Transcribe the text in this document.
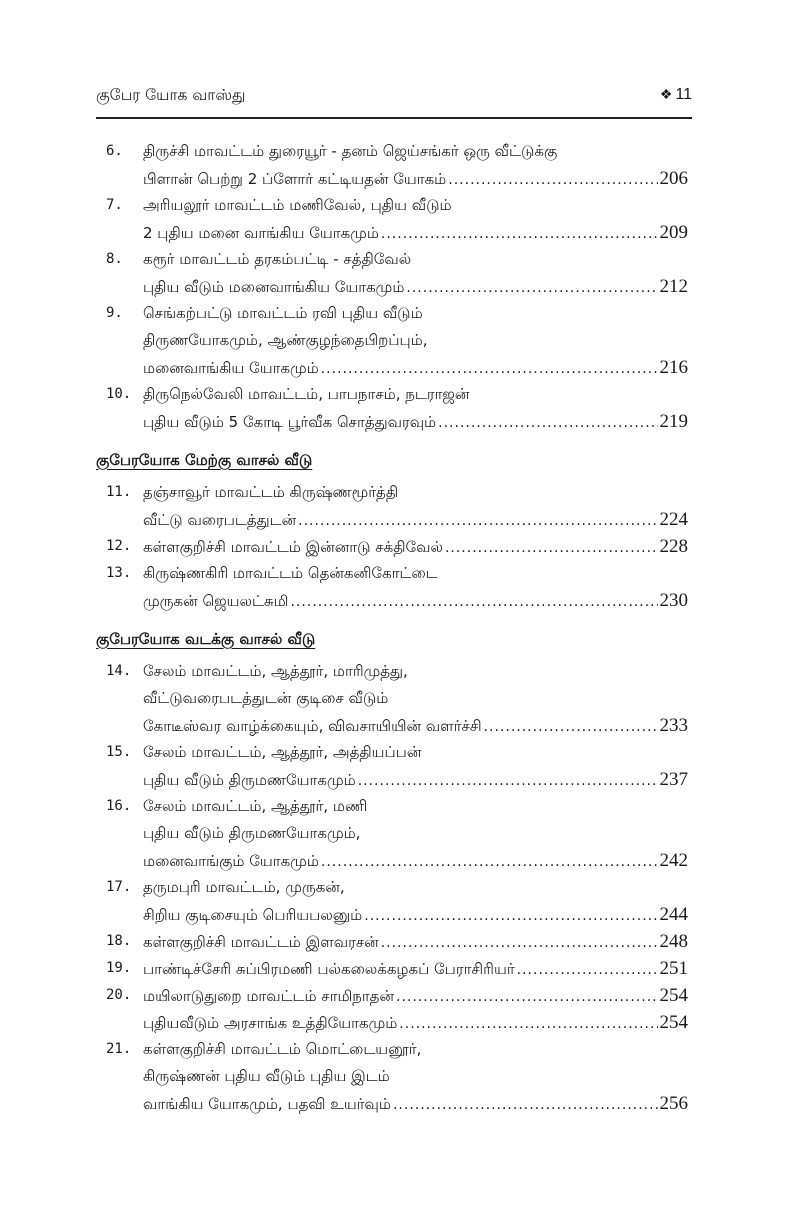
குபேர யோக வாஸ்து	❖ 11
6. திருச்சி மாவட்டம் துரையூர் - தனம் ஜெய்சங்கர் ஒரு வீட்டுக்கு
பிளான் பெற்று 2 ப்ளோர் கட்டியதன் யோகம் .....	206
7. அரியலூர் மாவட்டம் மணிவேல், புதிய வீடும்
2 புதிய மனை வாங்கிய யோகமும் .....	209
8. கரூர் மாவட்டம் தரகம்பட்டி - சத்திவேல்
புதிய வீடும் மனைவாங்கிய யோகமும் .....	212
9. செங்கற்பட்டு மாவட்டம் ரவி புதிய வீடும்
திருணயோகமும், ஆண்குழந்தைபிறப்பும்,
மனைவாங்கிய யோகமும் .....	216
10. திருநெல்வேலி மாவட்டம், பாபநாசம், நடராஜன்
புதிய வீடும் 5 கோடி பூர்வீக சொத்துவரவும் .....	219
குபேரயோக மேற்கு வாசல் வீடு
11. தஞ்சாவூர் மாவட்டம் கிருஷ்ணமூர்த்தி
வீட்டு வரைபடத்துடன் .....	224
12. கள்ளகுறிச்சி மாவட்டம் இன்னாடு சக்திவேல் .....	228
13. கிருஷ்ணகிரி மாவட்டம் தென்கனிகோட்டை
முருகன் ஜெயலட்சுமி .....	230
குபேரயோக வடக்கு வாசல் வீடு
14. சேலம் மாவட்டம், ஆத்தூர், மாரிமுத்து,
வீட்டுவரைபடத்துடன் குடிசை வீடும்
கோடீஸ்வர வாழ்க்கையும், விவசாயியின் வளர்ச்சி .....	233
15. சேலம் மாவட்டம், ஆத்தூர், அத்தியப்பன்
புதிய வீடும் திருமணயோகமும் .....	237
16. சேலம் மாவட்டம், ஆத்தூர், மணி
புதிய வீடும் திருமணயோகமும்,
மனைவாங்கும் யோகமும் .....	242
17. தருமபுரி மாவட்டம், முருகன்,
சிறிய குடிசையும் பெரியபலனும் .....	244
18. கள்ளகுறிச்சி மாவட்டம் இளவரசன் .....	248
19. பாண்டிச்சேரி சுப்பிரமணி பல்கலைக்கழகப் பேராசிரியர் .....	251
20. மயிலாடுதுறை மாவட்டம் சாமிநாதன் .....	254
புதியவீடும் அரசாங்க உத்தியோகமும் .....	254
21. கள்ளகுறிச்சி மாவட்டம் மொட்டையனூர்,
கிருஷ்ணன் புதிய வீடும் புதிய இடம்
வாங்கிய யோகமும், பதவி உயர்வும் .....	256
